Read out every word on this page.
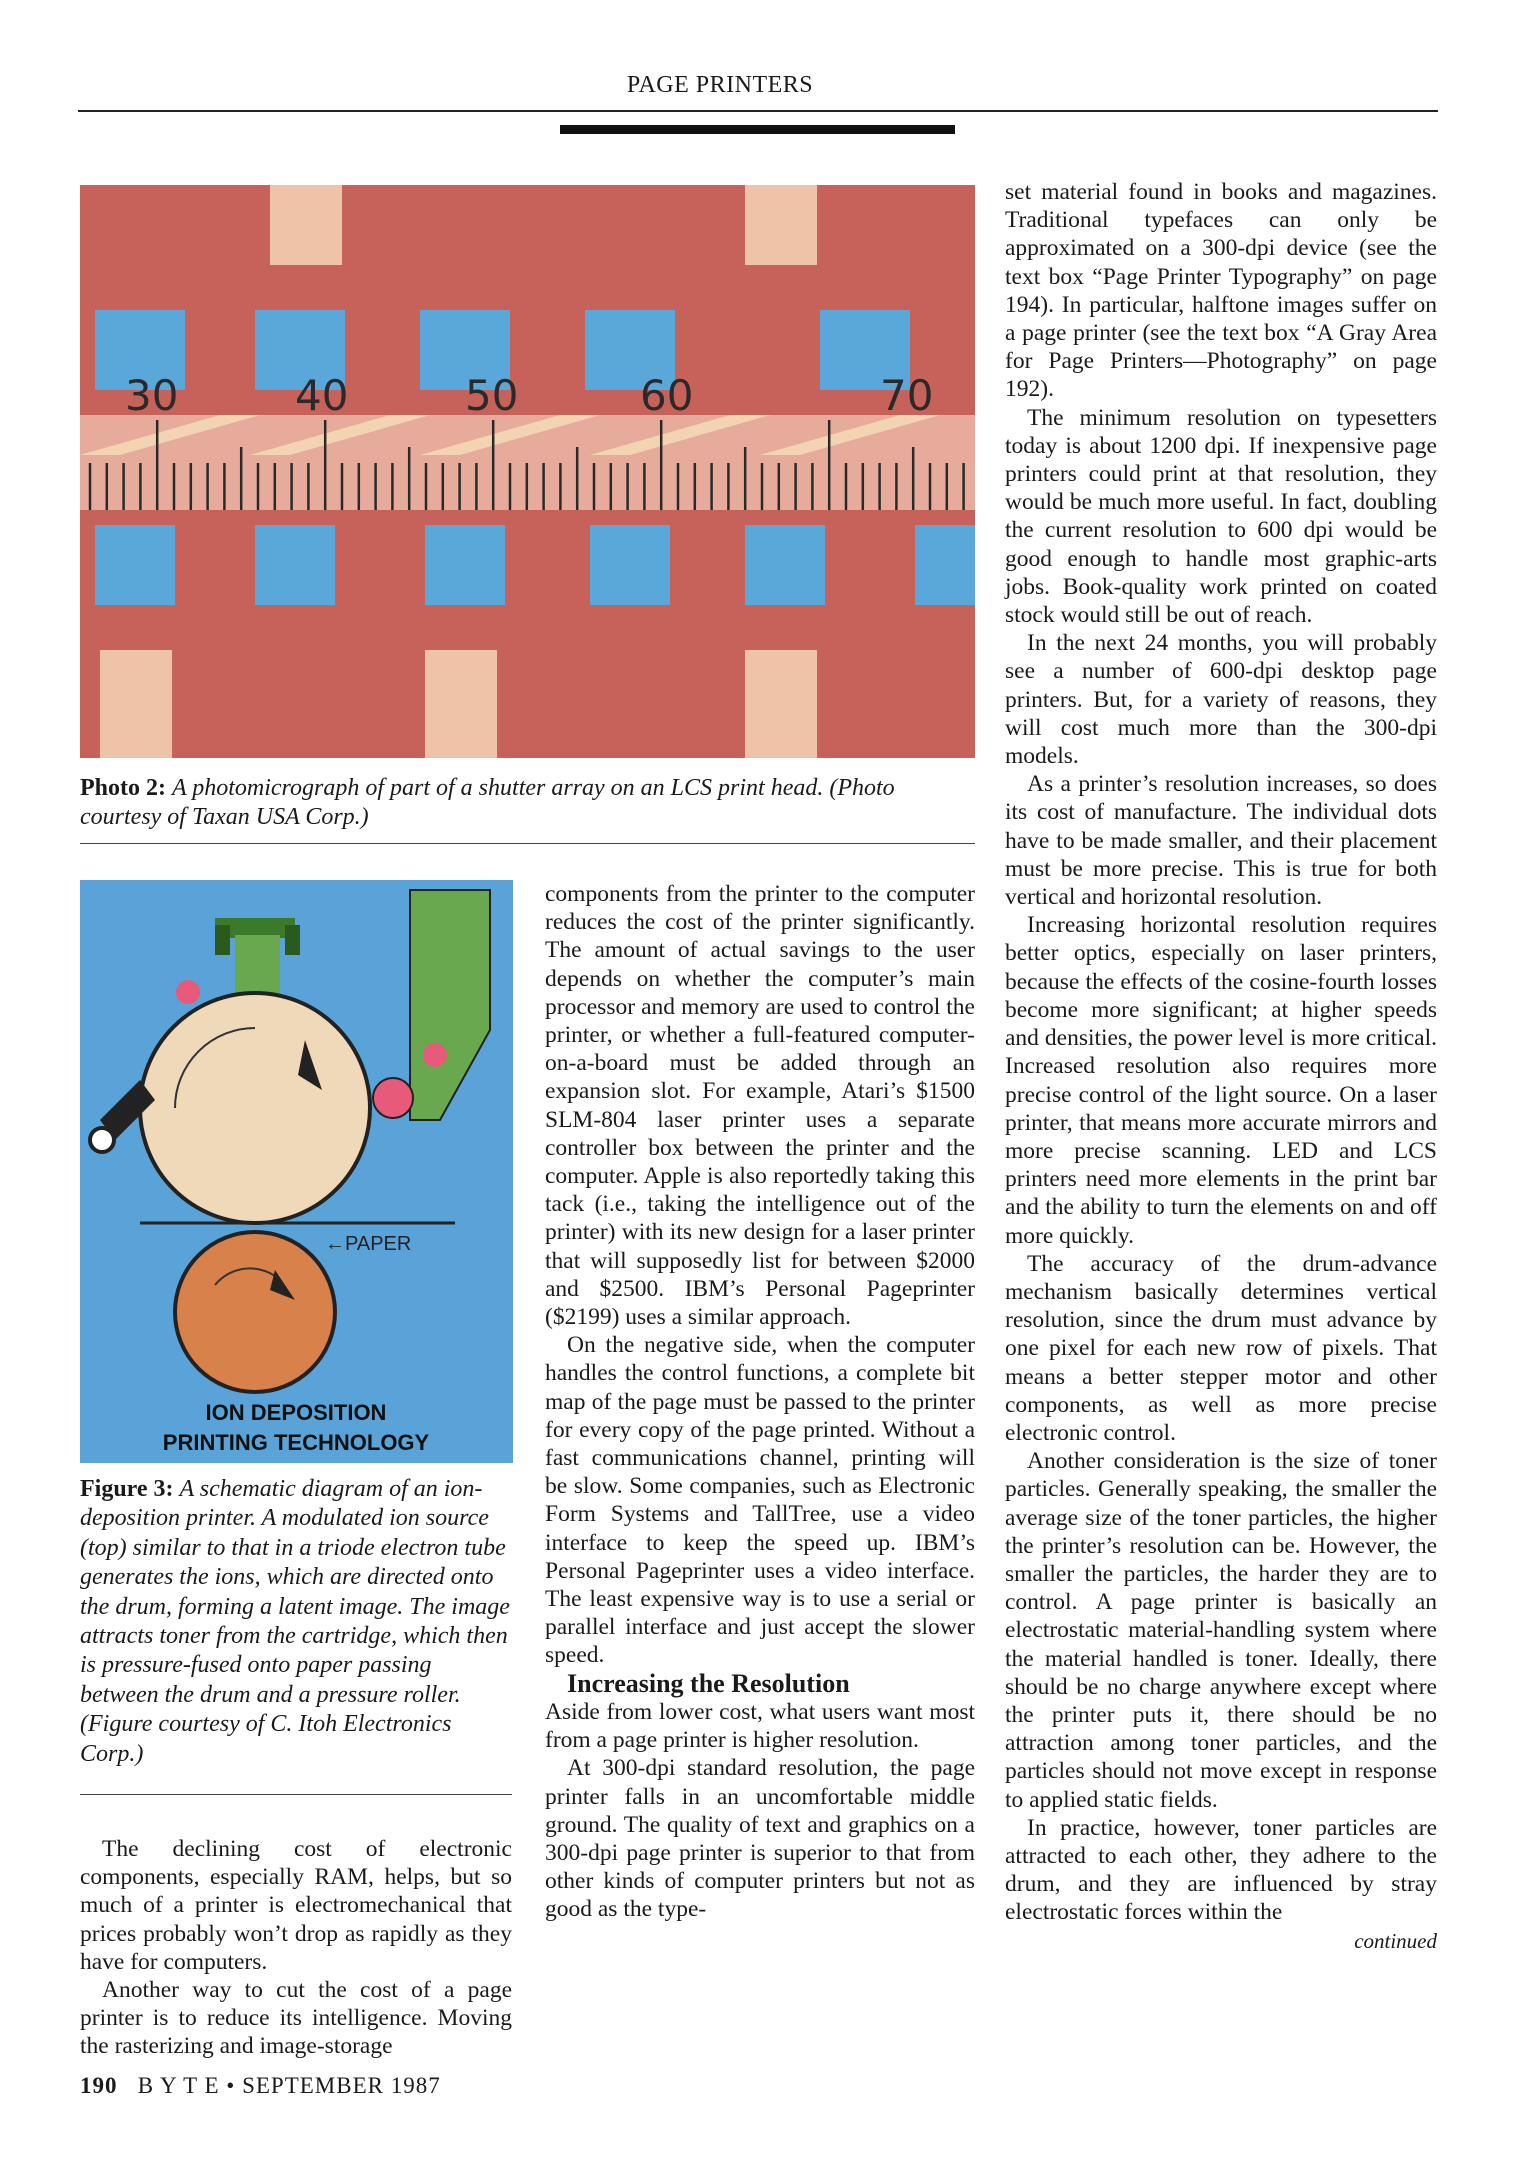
PAGE PRINTERS
30	40	50	60	70
Photo 2: A photomicrograph of part of a shutter array on an LCS print head. (Photo courtesy of Taxan USA Corp.)
←PAPER
ION DEPOSITION
PRINTING TECHNOLOGY
Figure 3: A schematic diagram of an ion-deposition printer. A modulated ion source (top) similar to that in a triode electron tube generates the ions, which are directed onto the drum, forming a latent image. The image attracts toner from the cartridge, which then is pressure-fused onto paper passing between the drum and a pressure roller. (Figure courtesy of C. Itoh Electronics Corp.)

The declining cost of electronic components, especially RAM, helps, but so much of a printer is electromechanical that prices probably won’t drop as rapidly as they have for computers.

Another way to cut the cost of a page printer is to reduce its intelligence. Moving the rasterizing and image-storage

components from the printer to the computer reduces the cost of the printer significantly. The amount of actual savings to the user depends on whether the computer’s main processor and memory are used to control the printer, or whether a full-featured computer-on-a-board must be added through an expansion slot. For example, Atari’s $1500 SLM-804 laser printer uses a separate controller box between the printer and the computer. Apple is also reportedly taking this tack (i.e., taking the intelligence out of the printer) with its new design for a laser printer that will supposedly list for between $2000 and $2500. IBM’s Personal Pageprinter ($2199) uses a similar approach.

On the negative side, when the computer handles the control functions, a complete bit map of the page must be passed to the printer for every copy of the page printed. Without a fast communications channel, printing will be slow. Some companies, such as Electronic Form Systems and TallTree, use a video interface to keep the speed up. IBM’s Personal Pageprinter uses a video interface. The least expensive way is to use a serial or parallel interface and just accept the slower speed.

Increasing the Resolution

Aside from lower cost, what users want most from a page printer is higher resolution.

At 300-dpi standard resolution, the page printer falls in an uncomfortable middle ground. The quality of text and graphics on a 300-dpi page printer is superior to that from other kinds of computer printers but not as good as the type-

set material found in books and magazines. Traditional typefaces can only be approximated on a 300-dpi device (see the text box “Page Printer Typography” on page 194). In particular, halftone images suffer on a page printer (see the text box “A Gray Area for Page Printers—Photography” on page 192).

The minimum resolution on typesetters today is about 1200 dpi. If inexpensive page printers could print at that resolution, they would be much more useful. In fact, doubling the current resolution to 600 dpi would be good enough to handle most graphic-arts jobs. Book-quality work printed on coated stock would still be out of reach.

In the next 24 months, you will probably see a number of 600-dpi desktop page printers. But, for a variety of reasons, they will cost much more than the 300-dpi models.

As a printer’s resolution increases, so does its cost of manufacture. The individual dots have to be made smaller, and their placement must be more precise. This is true for both vertical and horizontal resolution.

Increasing horizontal resolution requires better optics, especially on laser printers, because the effects of the cosine-fourth losses become more significant; at higher speeds and densities, the power level is more critical. Increased resolution also requires more precise control of the light source. On a laser printer, that means more accurate mirrors and more precise scanning. LED and LCS printers need more elements in the print bar and the ability to turn the elements on and off more quickly.

The accuracy of the drum-advance mechanism basically determines vertical resolution, since the drum must advance by one pixel for each new row of pixels. That means a better stepper motor and other components, as well as more precise electronic control.

Another consideration is the size of toner particles. Generally speaking, the smaller the average size of the toner particles, the higher the printer’s resolution can be. However, the smaller the particles, the harder they are to control. A page printer is basically an electrostatic material-handling system where the material handled is toner. Ideally, there should be no charge anywhere except where the printer puts it, there should be no attraction among toner particles, and the particles should not move except in response to applied static fields.

In practice, however, toner particles are attracted to each other, they adhere to the drum, and they are influenced by stray electrostatic forces within the

continued
190 B Y T E • SEPTEMBER 1987
